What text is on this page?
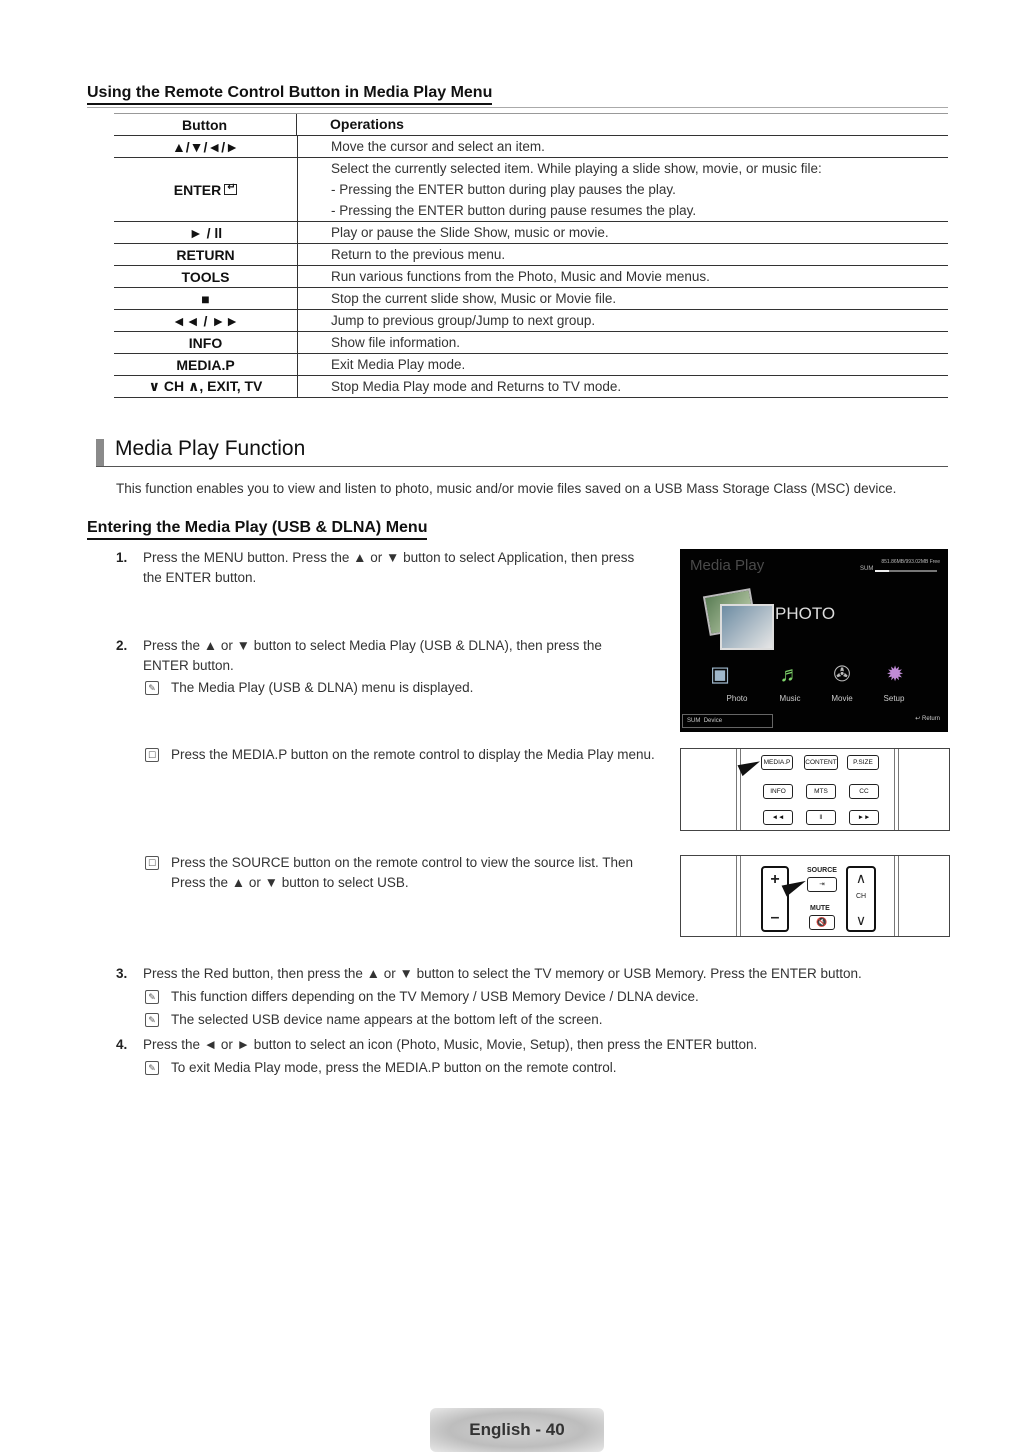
Using the Remote Control Button in Media Play Menu
Button	Operations
▲/▼/◄/►	Move the cursor and select an item.
ENTER
↵
Select the currently selected item. While playing a slide show, movie, or music file:
- Pressing the ENTER button during play pauses the play.
- Pressing the ENTER button during pause resumes the play.
► / ll	Play or pause the Slide Show, music or movie.
RETURN	Return to the previous menu.
TOOLS	Run various functions from the Photo, Music and Movie menus.
■	Stop the current slide show, Music or Movie file.
◄◄ / ►►	Jump to previous group/Jump to next group.
INFO	Show file information.
MEDIA.P	Exit Media Play mode.
∨ CH ∧, EXIT, TV	Stop Media Play mode and Returns to TV mode.
Media Play Function
This function enables you to view and listen to photo, music and/or movie files saved on a USB Mass Storage Class (MSC) device.
Entering the Media Play (USB & DLNA) Menu
1. Press the MENU button. Press the ▲ or ▼ button to select Application, then press the ENTER button.
2. Press the ▲ or ▼ button to select Media Play (USB & DLNA), then press the ENTER button.
✎ The Media Play (USB & DLNA) menu is displayed.
☐ Press the MEDIA.P button on the remote control to display the Media Play menu.
☐ Press the SOURCE button on the remote control to view the source list. Then Press the ▲ or ▼ button to select USB.
3. Press the Red button, then press the ▲ or ▼ button to select the TV memory or USB Memory. Press the ENTER button.
✎ This function differs depending on the TV Memory / USB Memory Device / DLNA device.
✎ The selected USB device name appears at the bottom left of the screen.
4. Press the ◄ or ► button to select an icon (Photo, Music, Movie, Setup), then press the ENTER button.
✎ To exit Media Play mode, press the MEDIA.P button on the remote control.
Media Play	851.86MB/993.02MB Free
SUM
PHOTO
▣ ♬ ✇ ✹
Photo	Music	Movie	Setup
SUM Device	↩ Return
MEDIA.P	CONTENT	P.SIZE
INFO	MTS	CC
◄◄	ll	►►
+
–
SOURCE
⇥
MUTE
🔇
∧
CH
∨
English - 40
